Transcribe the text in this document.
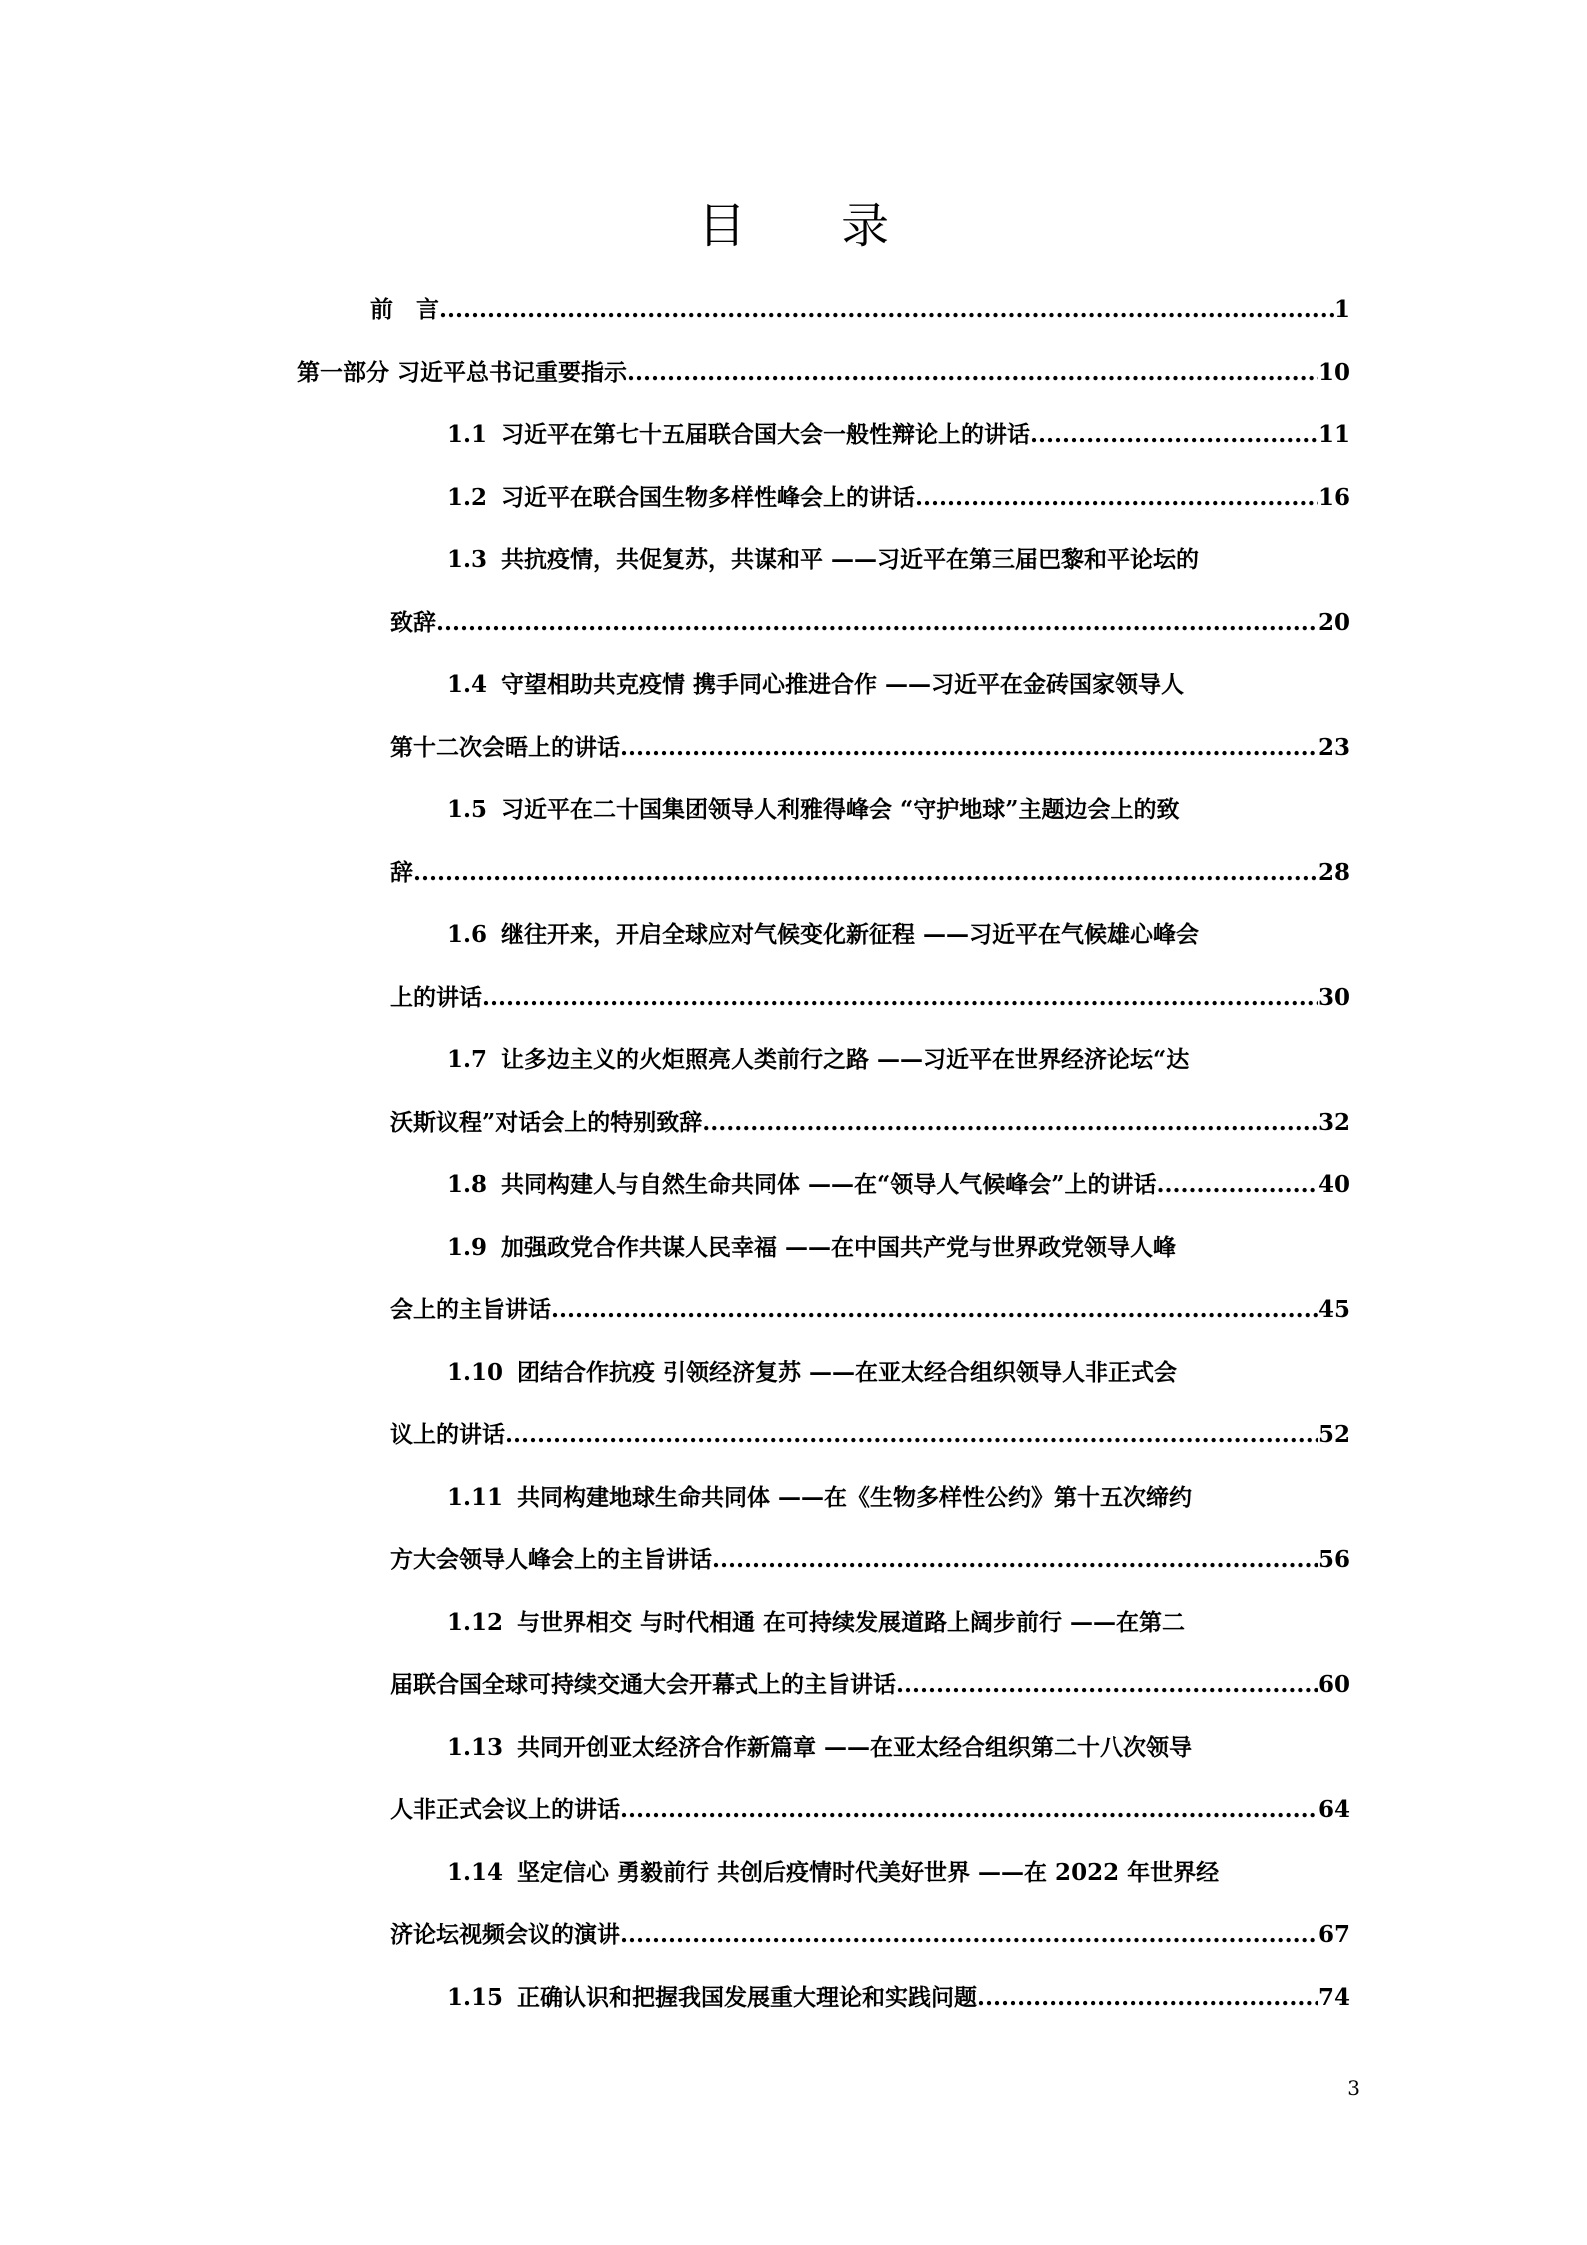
目 录
前　言 .....	1
第一部分 习近平总书记重要指示 .....	10
1.1 习近平在第七十五届联合国大会一般性辩论上的讲话 .....	11
1.2 习近平在联合国生物多样性峰会上的讲话 .....	16
1.3 共抗疫情，共促复苏，共谋和平 ——习近平在第三届巴黎和平论坛的
致辞 .....	20
1.4 守望相助共克疫情 携手同心推进合作 ——习近平在金砖国家领导人
第十二次会晤上的讲话 .....	23
1.5 习近平在二十国集团领导人利雅得峰会 “守护地球”主题边会上的致
辞 .....	28
1.6 继往开来，开启全球应对气候变化新征程 ——习近平在气候雄心峰会
上的讲话 .....	30
1.7 让多边主义的火炬照亮人类前行之路 ——习近平在世界经济论坛“达
沃斯议程”对话会上的特别致辞 .....	32
1.8 共同构建人与自然生命共同体 ——在“领导人气候峰会”上的讲话 .....	40
1.9 加强政党合作共谋人民幸福 ——在中国共产党与世界政党领导人峰
会上的主旨讲话 .....	45
1.10 团结合作抗疫 引领经济复苏 ——在亚太经合组织领导人非正式会
议上的讲话 .....	52
1.11 共同构建地球生命共同体 ——在《生物多样性公约》第十五次缔约
方大会领导人峰会上的主旨讲话 .....	56
1.12 与世界相交 与时代相通 在可持续发展道路上阔步前行 ——在第二
届联合国全球可持续交通大会开幕式上的主旨讲话 .....	60
1.13 共同开创亚太经济合作新篇章 ——在亚太经合组织第二十八次领导
人非正式会议上的讲话 .....	64
1.14 坚定信心 勇毅前行 共创后疫情时代美好世界 ——在 2022 年世界经
济论坛视频会议的演讲 .....	67
1.15 正确认识和把握我国发展重大理论和实践问题 .....	74
3
